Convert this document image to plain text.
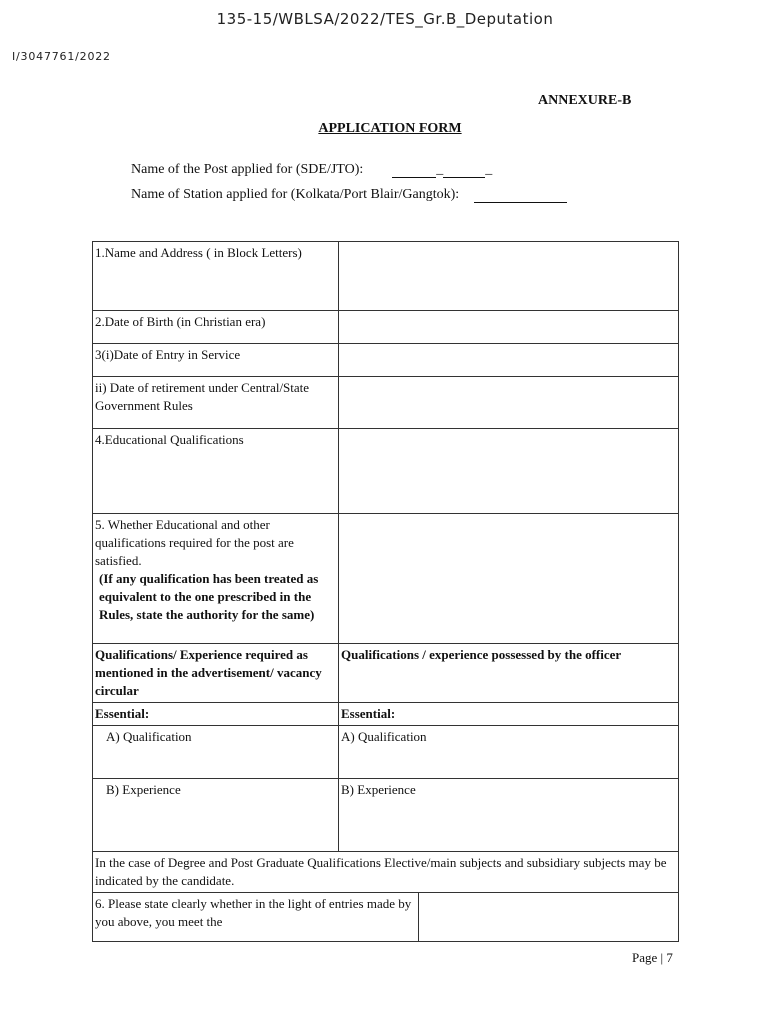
135-15/WBLSA/2022/TES_Gr.B_Deputation
I/3047761/2022
ANNEXURE-B
APPLICATION FORM
Name of the Post applied for (SDE/JTO):	_	_
Name of Station applied for (Kolkata/Port Blair/Gangtok):
1.Name and Address ( in Block Letters)		
2.Date of Birth (in Christian era)		
3(i)Date of Entry in Service		
ii) Date of retirement under Central/State Government Rules		
4.Educational Qualifications		

5. Whether Educational and other qualifications required for the post are satisfied.
(If any qualification has been treated as equivalent to the one prescribed in the Rules, state the authority for the same)		

Qualifications/ Experience required as mentioned in the advertisement/ vacancy circular	Qualifications / experience possessed by the officer	
Essential:	Essential:	
A) Qualification	A) Qualification	
B) Experience	B) Experience	
In the case of Degree and Post Graduate Qualifications Elective/main subjects and subsidiary subjects may be indicated by the candidate.		
6. Please state clearly whether in the light of entries made by you above, you meet the		
Page | 7
